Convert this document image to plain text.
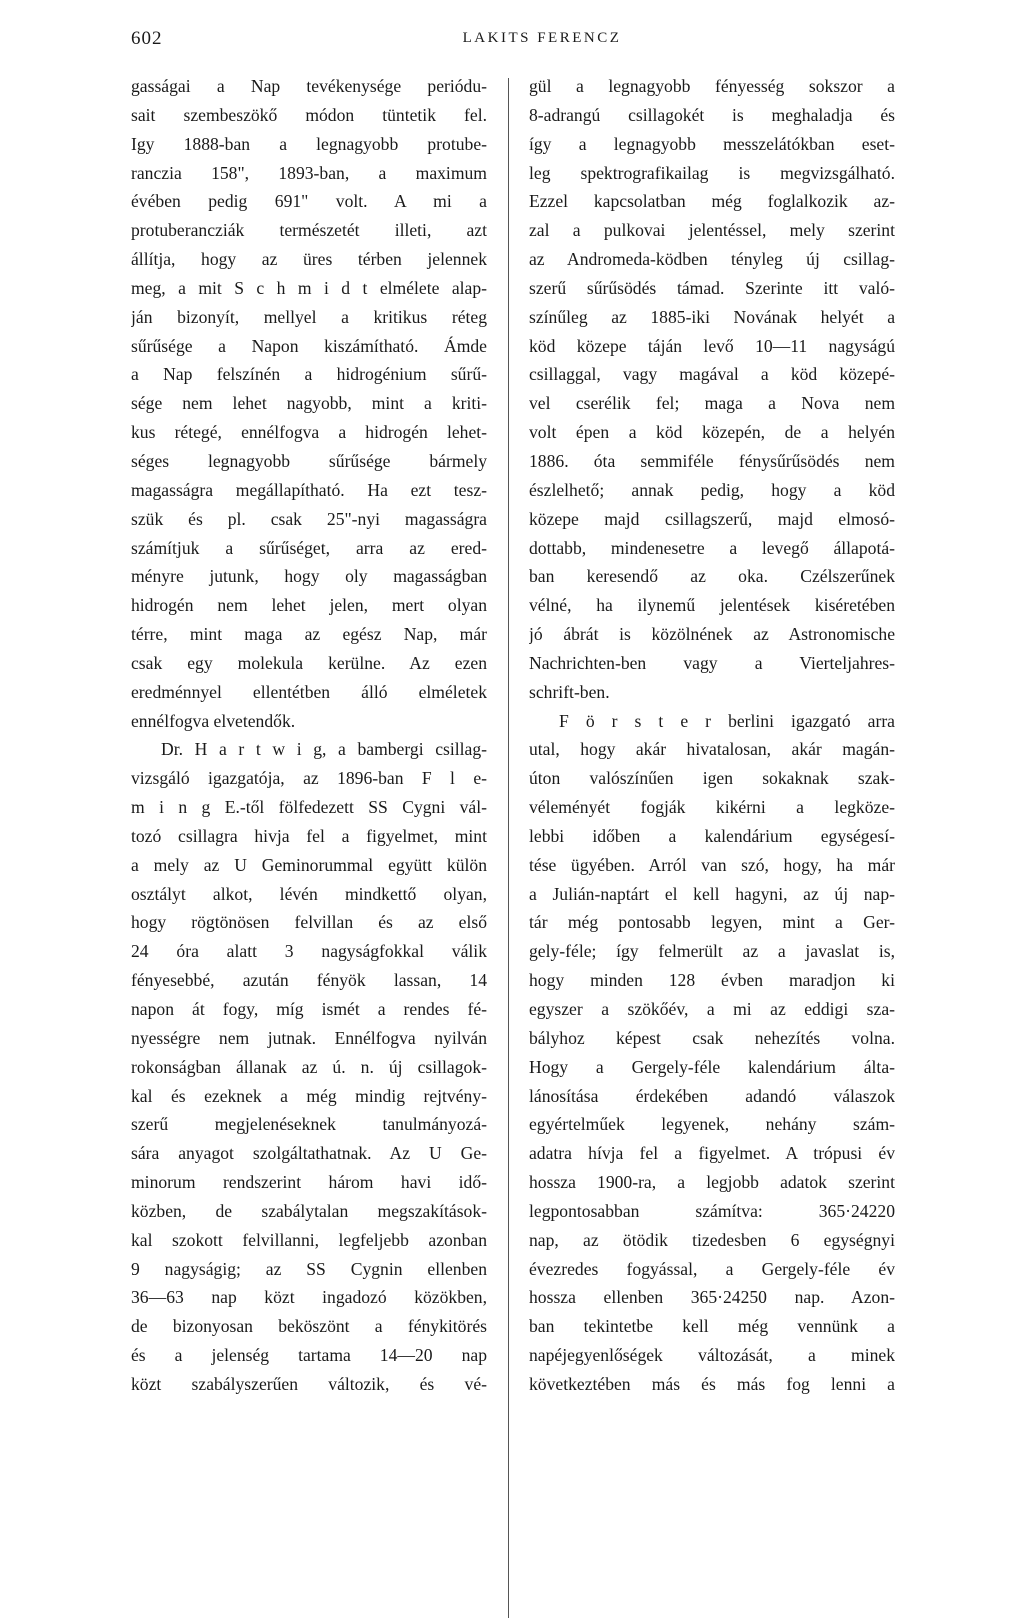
602	LAKITS FERENCZ
gasságai a Nap tevékenysége periódu-
sait szembeszökő módon tüntetik fel.
Igy 1888-ban a legnagyobb protube-
ranczia 158", 1893-ban, a maximum
évében pedig 691" volt. A mi a
protuberancziák természetét illeti, azt
állítja, hogy az üres térben jelennek
meg, a mit S c h m i d t elmélete alap-
ján bizonyít, mellyel a kritikus réteg
sűrűsége a Napon kiszámítható. Ámde
a Nap felszínén a hidrogénium sűrű-
sége nem lehet nagyobb, mint a kriti-
kus rétegé, ennélfogva a hidrogén lehet-
séges legnagyobb sűrűsége bármely
magasságra megállapítható. Ha ezt tesz-
szük és pl. csak 25"-nyi magasságra
számítjuk a sűrűséget, arra az ered-
ményre jutunk, hogy oly magasságban
hidrogén nem lehet jelen, mert olyan
térre, mint maga az egész Nap, már
csak egy molekula kerülne. Az ezen
eredménnyel ellentétben álló elméletek
ennélfogva elvetendők.
Dr. H a r t w i g, a bambergi csillag-
vizsgáló igazgatója, az 1896-ban F l e-
m i n g E.-től fölfedezett SS Cygni vál-
tozó csillagra hivja fel a figyelmet, mint
a mely az U Geminorummal együtt külön
osztályt alkot, lévén mindkettő olyan,
hogy rögtönösen felvillan és az első
24 óra alatt 3 nagyságfokkal válik
fényesebbé, azután fényök lassan, 14
napon át fogy, míg ismét a rendes fé-
nyességre nem jutnak. Ennélfogva nyilván
rokonságban állanak az ú. n. új csillagok-
kal és ezeknek a még mindig rejtvény-
szerű megjelenéseknek tanulmányozá-
sára anyagot szolgáltathatnak. Az U Ge-
minorum rendszerint három havi idő-
közben, de szabálytalan megszakítások-
kal szokott felvillanni, legfeljebb azonban
9 nagyságig; az SS Cygnin ellenben
36—63 nap közt ingadozó közökben,
de bizonyosan beköszönt a fénykitörés
és a jelenség tartama 14—20 nap
közt szabályszerűen változik, és vé-
gül a legnagyobb fényesség sokszor a
8-adrangú csillagokét is meghaladja és
így a legnagyobb messzelátókban eset-
leg spektrografikailag is megvizsgálható.
Ezzel kapcsolatban még foglalkozik az-
zal a pulkovai jelentéssel, mely szerint
az Andromeda-ködben tényleg új csillag-
szerű sűrűsödés támad. Szerinte itt való-
színűleg az 1885-iki Novának helyét a
köd közepe táján levő 10—11 nagyságú
csillaggal, vagy magával a köd közepé-
vel cserélik fel; maga a Nova nem
volt épen a köd közepén, de a helyén
1886. óta semmiféle fénysűrűsödés nem
észlelhető; annak pedig, hogy a köd
közepe majd csillagszerű, majd elmosó-
dottabb, mindenesetre a levegő állapotá-
ban keresendő az oka. Czélszerűnek
vélné, ha ilynemű jelentések kiséretében
jó ábrát is közölnének az Astronomische
Nachrichten-ben vagy a Vierteljahres-
schrift-ben.
F ö r s t e r berlini igazgató arra
utal, hogy akár hivatalosan, akár magán-
úton valószínűen igen sokaknak szak-
véleményét fogják kikérni a legköze-
lebbi időben a kalendárium egységesí-
tése ügyében. Arról van szó, hogy, ha már
a Julián-naptárt el kell hagyni, az új nap-
tár még pontosabb legyen, mint a Ger-
gely-féle; így felmerült az a javaslat is,
hogy minden 128 évben maradjon ki
egyszer a szökőév, a mi az eddigi sza-
bályhoz képest csak nehezítés volna.
Hogy a Gergely-féle kalendárium álta-
lánosítása érdekében adandó válaszok
egyértelműek legyenek, nehány szám-
adatra hívja fel a figyelmet. A trópusi év
hossza 1900-ra, a legjobb adatok szerint
legpontosabban számítva: 365·24220
nap, az ötödik tizedesben 6 egységnyi
évezredes fogyással, a Gergely-féle év
hossza ellenben 365·24250 nap. Azon-
ban tekintetbe kell még vennünk a
napéjegyenlőségek változását, a minek
következtében más és más fog lenni a
